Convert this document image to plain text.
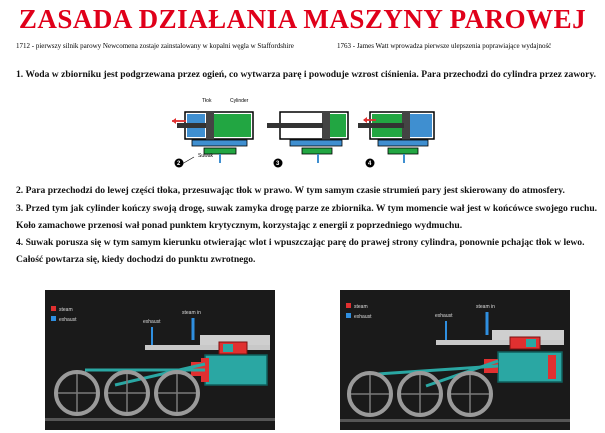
ZASADA DZIAŁANIA MASZYNY PAROWEJ
1712 - pierwszy silnik parowy Newcomena zostaje zainstalowany w kopalni węgla w Staffordshire	1763 - James Watt wprowadza pierwsze ulepszenia poprawiające wydajność
1. Woda w zbiorniku jest podgrzewana przez ogień, co wytwarza parę i powoduje wzrost ciśnienia. Para przechodzi do cylindra przez zawory.
Tłok	Cylinder
Suwak
2	3	4
2. Para przechodzi do lewej części tłoka, przesuwając tłok w prawo. W tym samym czasie strumień pary jest skierowany do atmosfery.
3. Przed tym jak cylinder kończy swoją drogę, suwak zamyka drogę parze ze zbiornika. W tym momencie wał jest w końcówce swojego ruchu.
Koło zamachowe przenosi wał ponad punktem krytycznym, korzystając z energii z poprzedniego wydmuchu.
4. Suwak porusza się w tym samym kierunku otwierając wlot i wpuszczając parę do prawej strony cylindra, ponownie pchając tłok w lewo.
Całość powtarza się, kiedy dochodzi do punktu zwrotnego.
steam
exhaust
steam in
exhaust
steam
exhaust
steam in
exhaust
